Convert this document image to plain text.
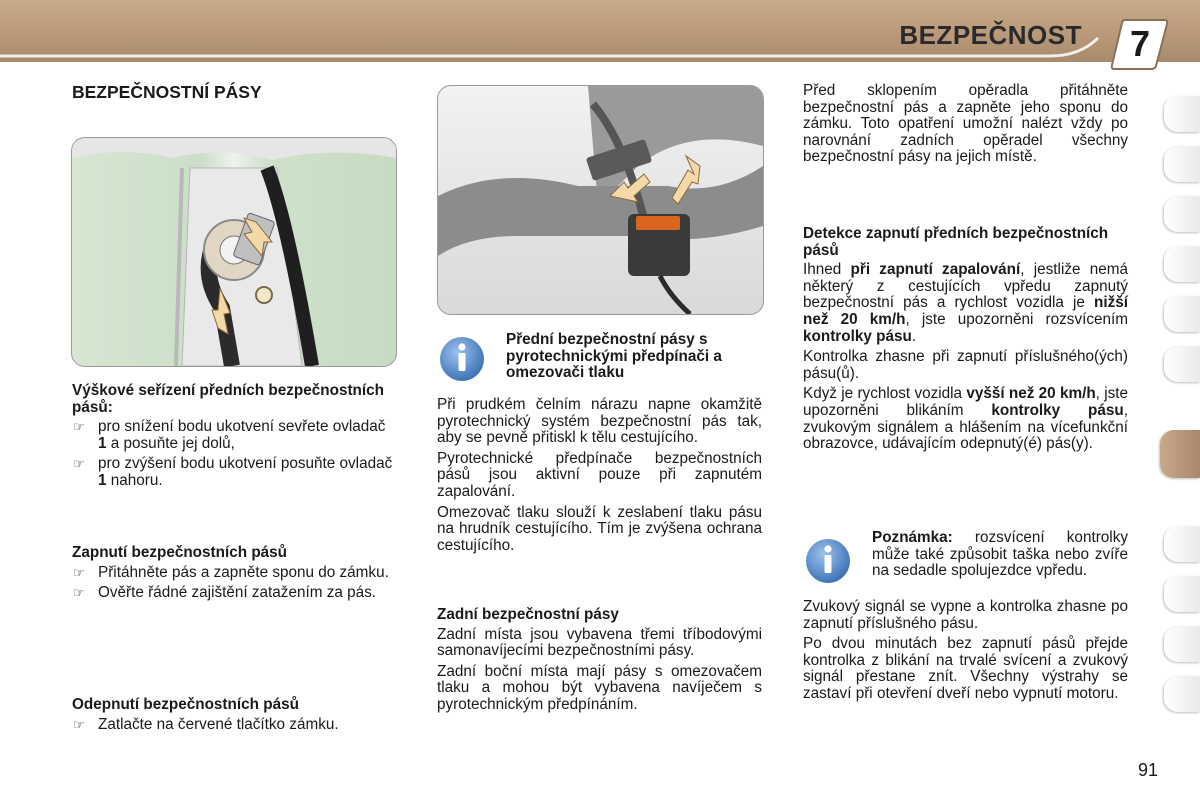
BEZPEČNOST	7
BEZPEČNOSTNÍ PÁSY
Výškové seřízení předních bezpečnostních pásů:
☞ pro snížení bodu ukotvení sevřete ovladač 1 a posuňte jej dolů,
☞ pro zvýšení bodu ukotvení posuňte ovladač 1 nahoru.
Zapnutí bezpečnostních pásů
☞ Přitáhněte pás a zapněte sponu do zámku.
☞ Ověřte řádné zajištění zatažením za pás.
Odepnutí bezpečnostních pásů
☞ Zatlačte na červené tlačítko zámku.
Přední bezpečnostní pásy s pyrotechnickými předpínači a omezovači tlaku

Při prudkém čelním nárazu napne okamžitě pyrotechnický systém bezpečnostní pás tak, aby se pevně přitiskl k tělu cestujícího.

Pyrotechnické předpínače bezpečnostních pásů jsou aktivní pouze při zapnutém zapalování.

Omezovač tlaku slouží k zeslabení tlaku pásu na hrudník cestujícího. Tím je zvýšena ochrana cestujícího.

Zadní bezpečnostní pásy

Zadní místa jsou vybavena třemi tříbodovými samonavíjecími bezpečnostními pásy.

Zadní boční místa mají pásy s omezovačem tlaku a mohou být vybavena navíječem s pyrotechnickým předpínáním.

Před sklopením opěradla přitáhněte bezpečnostní pás a zapněte jeho sponu do zámku. Toto opatření umožní nalézt vždy po narovnání zadních opěradel všechny bezpečnostní pásy na jejich místě.

Detekce zapnutí předních bezpečnostních pásů

Ihned při zapnutí zapalování, jestliže nemá některý z cestujících vpředu zapnutý bezpečnostní pás a rychlost vozidla je nižší než 20 km/h, jste upozorněni rozsvícením kontrolky pásu.

Kontrolka zhasne při zapnutí příslušného(ých) pásu(ů).

Když je rychlost vozidla vyšší než 20 km/h, jste upozorněni blikáním kontrolky pásu, zvukovým signálem a hlášením na vícefunkční obrazovce, udávajícím odepnutý(é) pás(y).

Poznámka: rozsvícení kontrolky může také způsobit taška nebo zvíře na sedadle spolujezdce vpředu.

Zvukový signál se vypne a kontrolka zhasne po zapnutí příslušného pásu.

Po dvou minutách bez zapnutí pásů přejde kontrolka z blikání na trvalé svícení a zvukový signál přestane znít. Všechny výstrahy se zastaví při otevření dveří nebo vypnutí motoru.

91
